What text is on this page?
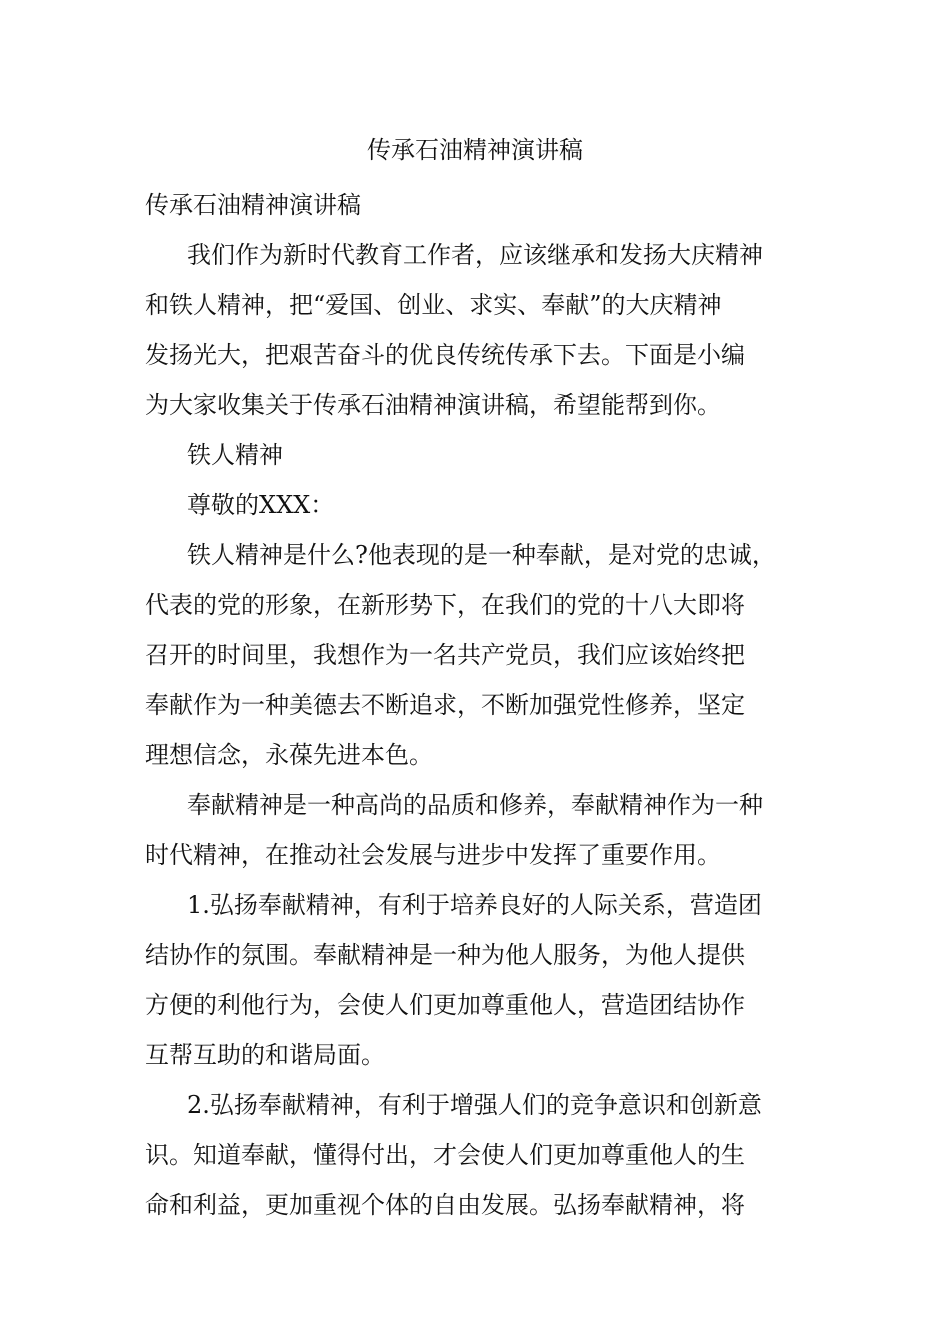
传承石油精神演讲稿
传承石油精神演讲稿
我们作为新时代教育工作者，应该继承和发扬大庆精神
和铁人精神，把“爱国、创业、求实、奉献”的大庆精神
发扬光大，把艰苦奋斗的优良传统传承下去。下面是小编
为大家收集关于传承石油精神演讲稿，希望能帮到你。
铁人精神
尊敬的XXX：
铁人精神是什么?他表现的是一种奉献，是对党的忠诚，
代表的党的形象，在新形势下，在我们的党的十八大即将
召开的时间里，我想作为一名共产党员，我们应该始终把
奉献作为一种美德去不断追求，不断加强党性修养，坚定
理想信念，永葆先进本色。
奉献精神是一种高尚的品质和修养，奉献精神作为一种
时代精神，在推动社会发展与进步中发挥了重要作用。
1.弘扬奉献精神，有利于培养良好的人际关系，营造团
结协作的氛围。奉献精神是一种为他人服务，为他人提供
方便的利他行为，会使人们更加尊重他人，营造团结协作
互帮互助的和谐局面。
2.弘扬奉献精神，有利于增强人们的竞争意识和创新意
识。知道奉献，懂得付出，才会使人们更加尊重他人的生
命和利益，更加重视个体的自由发展。弘扬奉献精神，将
